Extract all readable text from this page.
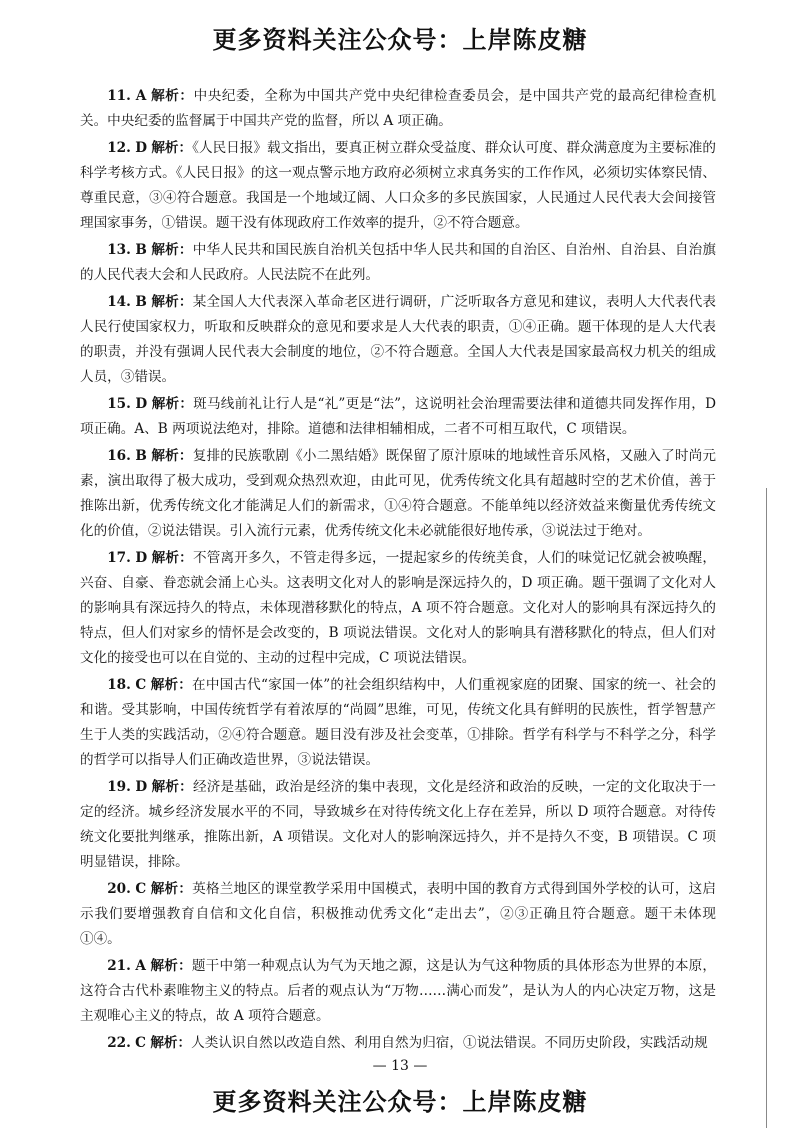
更多资料关注公众号：上岸陈皮糖

11. A 解析：中央纪委，全称为中国共产党中央纪律检查委员会，是中国共产党的最高纪律检查机关。中央纪委的监督属于中国共产党的监督，所以 A 项正确。

12. D 解析：《人民日报》载文指出，要真正树立群众受益度、群众认可度、群众满意度为主要标准的科学考核方式。《人民日报》的这一观点警示地方政府必须树立求真务实的工作作风，必须切实体察民情、尊重民意，③④符合题意。我国是一个地域辽阔、人口众多的多民族国家，人民通过人民代表大会间接管理国家事务，①错误。题干没有体现政府工作效率的提升，②不符合题意。

13. B 解析：中华人民共和国民族自治机关包括中华人民共和国的自治区、自治州、自治县、自治旗的人民代表大会和人民政府。人民法院不在此列。

14. B 解析：某全国人大代表深入革命老区进行调研，广泛听取各方意见和建议，表明人大代表代表人民行使国家权力，听取和反映群众的意见和要求是人大代表的职责，①④正确。题干体现的是人大代表的职责，并没有强调人民代表大会制度的地位，②不符合题意。全国人大代表是国家最高权力机关的组成人员，③错误。

15. D 解析：斑马线前礼让行人是“礼”更是“法”，这说明社会治理需要法律和道德共同发挥作用，D 项正确。A、B 两项说法绝对，排除。道德和法律相辅相成，二者不可相互取代，C 项错误。

16. B 解析：复排的民族歌剧《小二黑结婚》既保留了原汁原味的地域性音乐风格，又融入了时尚元素，演出取得了极大成功，受到观众热烈欢迎，由此可见，优秀传统文化具有超越时空的艺术价值，善于推陈出新，优秀传统文化才能满足人们的新需求，①④符合题意。不能单纯以经济效益来衡量优秀传统文化的价值，②说法错误。引入流行元素，优秀传统文化未必就能很好地传承，③说法过于绝对。

17. D 解析：不管离开多久，不管走得多远，一提起家乡的传统美食，人们的味觉记忆就会被唤醒，兴奋、自豪、眷恋就会涌上心头。这表明文化对人的影响是深远持久的，D 项正确。题干强调了文化对人的影响具有深远持久的特点，未体现潜移默化的特点，A 项不符合题意。文化对人的影响具有深远持久的特点，但人们对家乡的情怀是会改变的，B 项说法错误。文化对人的影响具有潜移默化的特点，但人们对文化的接受也可以在自觉的、主动的过程中完成，C 项说法错误。

18. C 解析：在中国古代“家国一体”的社会组织结构中，人们重视家庭的团聚、国家的统一、社会的和谐。受其影响，中国传统哲学有着浓厚的“尚圆”思维，可见，传统文化具有鲜明的民族性，哲学智慧产生于人类的实践活动，②④符合题意。题目没有涉及社会变革，①排除。哲学有科学与不科学之分，科学的哲学可以指导人们正确改造世界，③说法错误。

19. D 解析：经济是基础，政治是经济的集中表现，文化是经济和政治的反映，一定的文化取决于一定的经济。城乡经济发展水平的不同，导致城乡在对待传统文化上存在差异，所以 D 项符合题意。对待传统文化要批判继承，推陈出新，A 项错误。文化对人的影响深远持久，并不是持久不变，B 项错误。C 项明显错误，排除。

20. C 解析：英格兰地区的课堂教学采用中国模式，表明中国的教育方式得到国外学校的认可，这启示我们要增强教育自信和文化自信，积极推动优秀文化“走出去”，②③正确且符合题意。题干未体现①④。

21. A 解析：题干中第一种观点认为气为天地之源，这是认为气这种物质的具体形态为世界的本原，这符合古代朴素唯物主义的特点。后者的观点认为“万物……满心而发”，是认为人的内心决定万物，这是主观唯心主义的特点，故 A 项符合题意。

22. C 解析：人类认识自然以改造自然、利用自然为归宿，①说法错误。不同历史阶段，实践活动规

— 13 —
更多资料关注公众号：上岸陈皮糖
